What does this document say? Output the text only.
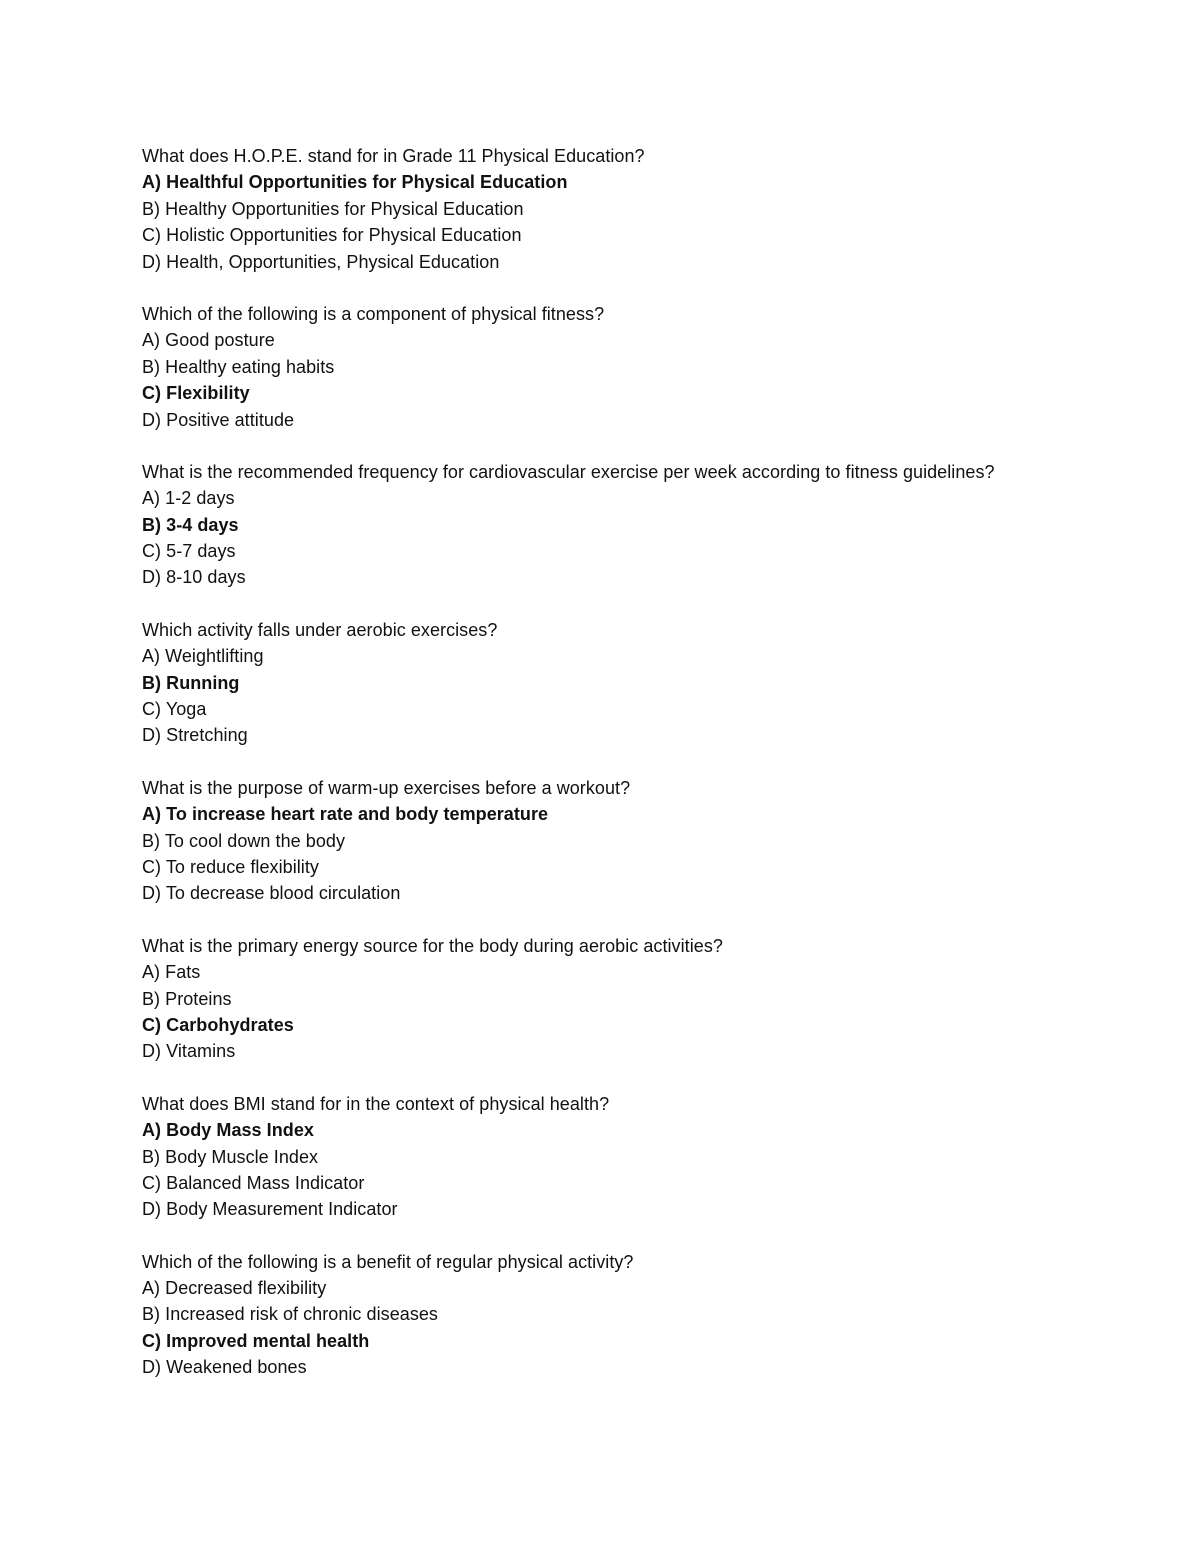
What does H.O.P.E. stand for in Grade 11 Physical Education?
A) Healthful Opportunities for Physical Education
B) Healthy Opportunities for Physical Education
C) Holistic Opportunities for Physical Education
D) Health, Opportunities, Physical Education
Which of the following is a component of physical fitness?
A) Good posture
B) Healthy eating habits
C) Flexibility
D) Positive attitude
What is the recommended frequency for cardiovascular exercise per week according to fitness guidelines?
A) 1-2 days
B) 3-4 days
C) 5-7 days
D) 8-10 days
Which activity falls under aerobic exercises?
A) Weightlifting
B) Running
C) Yoga
D) Stretching
What is the purpose of warm-up exercises before a workout?
A) To increase heart rate and body temperature
B) To cool down the body
C) To reduce flexibility
D) To decrease blood circulation
What is the primary energy source for the body during aerobic activities?
A) Fats
B) Proteins
C) Carbohydrates
D) Vitamins
What does BMI stand for in the context of physical health?
A) Body Mass Index
B) Body Muscle Index
C) Balanced Mass Indicator
D) Body Measurement Indicator
Which of the following is a benefit of regular physical activity?
A) Decreased flexibility
B) Increased risk of chronic diseases
C) Improved mental health
D) Weakened bones
